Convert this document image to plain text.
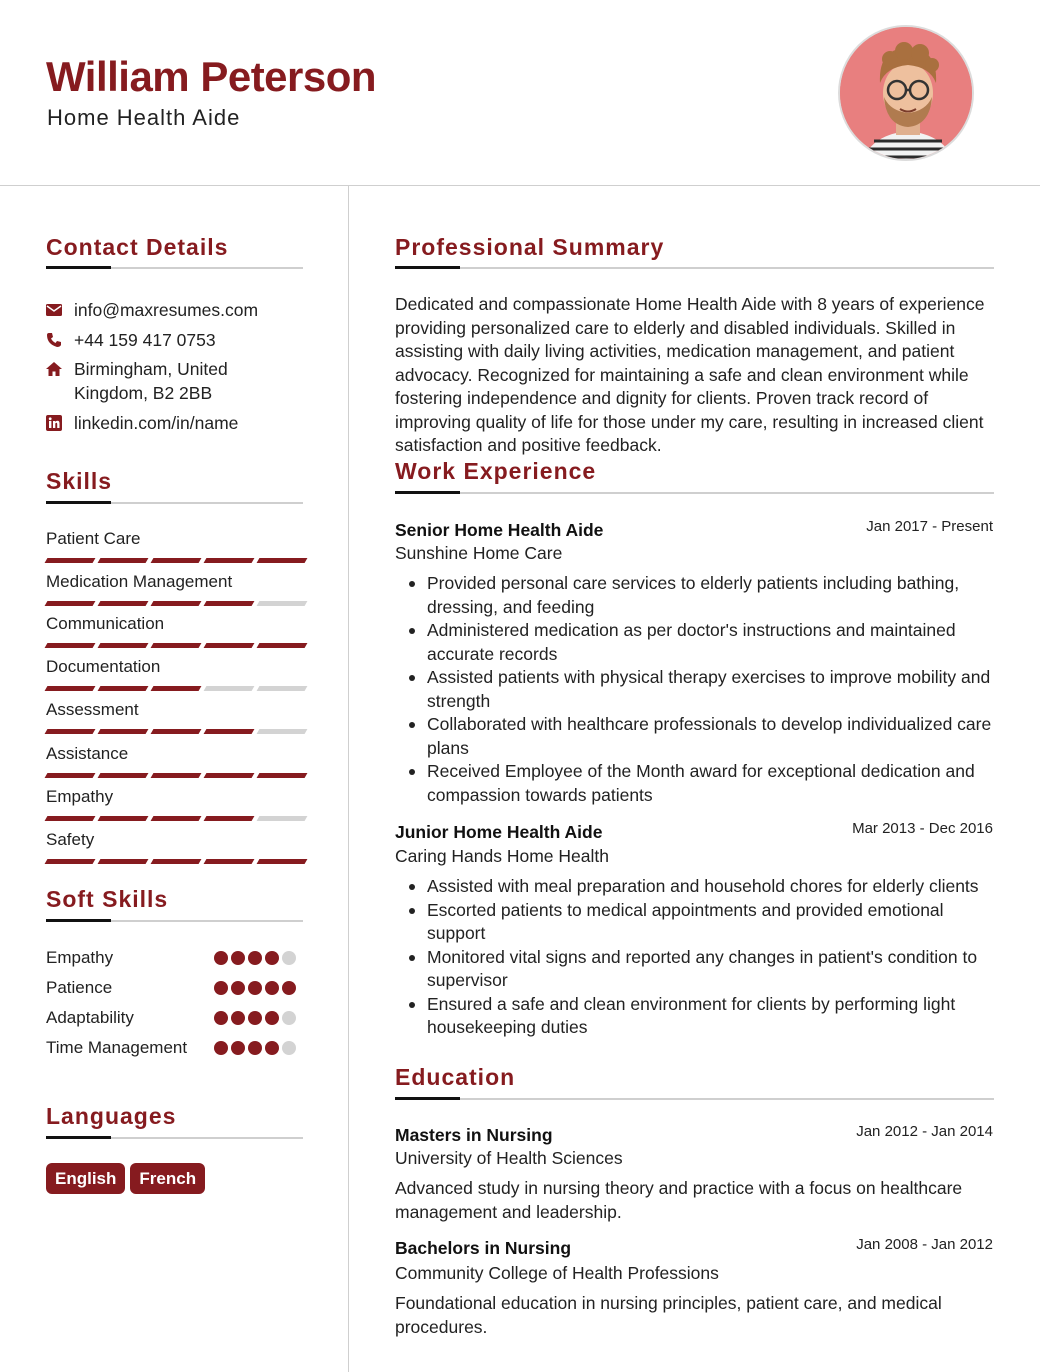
William Peterson
Home Health Aide
Contact Details
info@maxresumes.com
+44 159 417 0753
Birmingham, United Kingdom, B2 2BB
linkedin.com/in/name
Skills
Patient Care
Medication Management
Communication
Documentation
Assessment
Assistance
Empathy
Safety
Soft Skills
Empathy
Patience
Adaptability
Time Management
Languages
English	French
Professional Summary
Dedicated and compassionate Home Health Aide with 8 years of experience providing personalized care to elderly and disabled individuals. Skilled in assisting with daily living activities, medication management, and patient advocacy. Recognized for maintaining a safe and clean environment while fostering independence and dignity for clients. Proven track record of improving quality of life for those under my care, resulting in increased client satisfaction and positive feedback.
Work Experience
Senior Home Health Aide	Jan 2017 - Present
Sunshine Home Care
Provided personal care services to elderly patients including bathing, dressing, and feeding
Administered medication as per doctor's instructions and maintained accurate records
Assisted patients with physical therapy exercises to improve mobility and strength
Collaborated with healthcare professionals to develop individualized care plans
Received Employee of the Month award for exceptional dedication and compassion towards patients
Junior Home Health Aide	Mar 2013 - Dec 2016
Caring Hands Home Health
Assisted with meal preparation and household chores for elderly clients
Escorted patients to medical appointments and provided emotional support
Monitored vital signs and reported any changes in patient's condition to supervisor
Ensured a safe and clean environment for clients by performing light housekeeping duties
Education
Masters in Nursing	Jan 2012 - Jan 2014
University of Health Sciences
Advanced study in nursing theory and practice with a focus on healthcare management and leadership.
Bachelors in Nursing	Jan 2008 - Jan 2012
Community College of Health Professions
Foundational education in nursing principles, patient care, and medical procedures.
